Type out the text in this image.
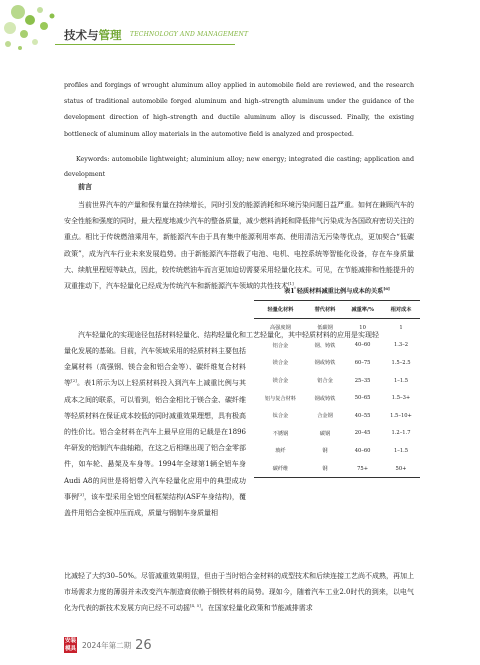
技术与管理 TECHNOLOGY AND MANAGEMENT
profiles and forgings of wrought aluminum alloy applied in automobile field are reviewed, and the research status of traditional automobile forged aluminum and high–strength aluminum under the guidance of the development direction of high–strength and ductile aluminum alloy is discussed. Finally, the existing bottleneck of aluminum alloy materials in the automotive field is analyzed and prospected.
Keywords: automobile lightweight; aluminium alloy; new energy; integrated die casting; application and development
前言
当前世界汽车的产量和保有量在持续增长，同时引发的能源消耗和环境污染问题日益严重。如何在兼顾汽车的安全性能和强度的同时，最大程度地减少汽车的整备质量，减少燃料消耗和降低排气污染成为各国政府密切关注的重点。相比于传统燃油乘用车，新能源汽车由于具有集中能源利用率高、使用清洁无污染等优点，更加契合“低碳政策”，成为汽车行业未来发展趋势。由于新能源汽车搭载了电池、电机、电控系统等智能化设备，存在车身质量大、续航里程短等缺点，因此，较传统燃油车而言更加迫切需要采用轻量化技术。可见，在节能减排和性能提升的双重推动下，汽车轻量化已经成为传统汽车和新能源汽车领域的共性技术[1]。
汽车轻量化的实现途径包括材料轻量化、结构轻量化和工艺轻量化，其中轻质材料的应用是实现轻
量化发展的基础。目前，汽车领域采用的轻质材料主要包括金属材料（高强钢、镁合金和铝合金等）、碳纤维复合材料等[2]。表1所示为以上轻质材料投入到汽车上减重比例与其成本之间的联系，可以看到，铝合金相比于镁合金、碳纤维等轻质材料在保证成本较低的同时减重效果理想，具有极高的性价比。铝合金材料在汽车上最早应用的记载是在1896年研发的铝制汽车曲轴箱，在这之后相继出现了铝合金零部件，如车轮、悬架及车身等。1994年全球第1辆全铝车身Audi A8的问世是将铝带入汽车轻量化应用中的典型成功事例[3]，该车型采用全铝空间框架结构(ASF车身结构)，覆盖件用铝合金板冲压而成，质量与钢制车身质量相
表1 轻质材料减重比例与成本的关系[6]
轻量化材料	替代材料	减重率/%	相对成本
高强度钢	低碳钢	10	1
铝合金	钢、铸铁	40–60	1.3–2
镁合金	钢或铸铁	60–75	1.5–2.5
镁合金	铝合金	25–35	1–1.5
铝与复合材料	钢或铸铁	50–65	1.5–3+
钛合金	合金钢	40–55	1.5–10+
不锈钢	碳钢	20–45	1.2–1.7
玻纤	钢	40–60	1–1.5
碳纤维	钢	75+	50+
比减轻了大约30–50%。尽管减重效果明显，但由于当时铝合金材料的成型技术和后续连接工艺尚不成熟，再加上市场需求力度的薄弱并未改变汽车制造商依赖于钢铁材料的局势。现如今，随着汽车工业2.0时代的到来，以电气化为代表的新技术发展方向已经不可动摇[4, 5]。在国家轻量化政策和节能减排需求
安装
模具 2024年第二期 26
